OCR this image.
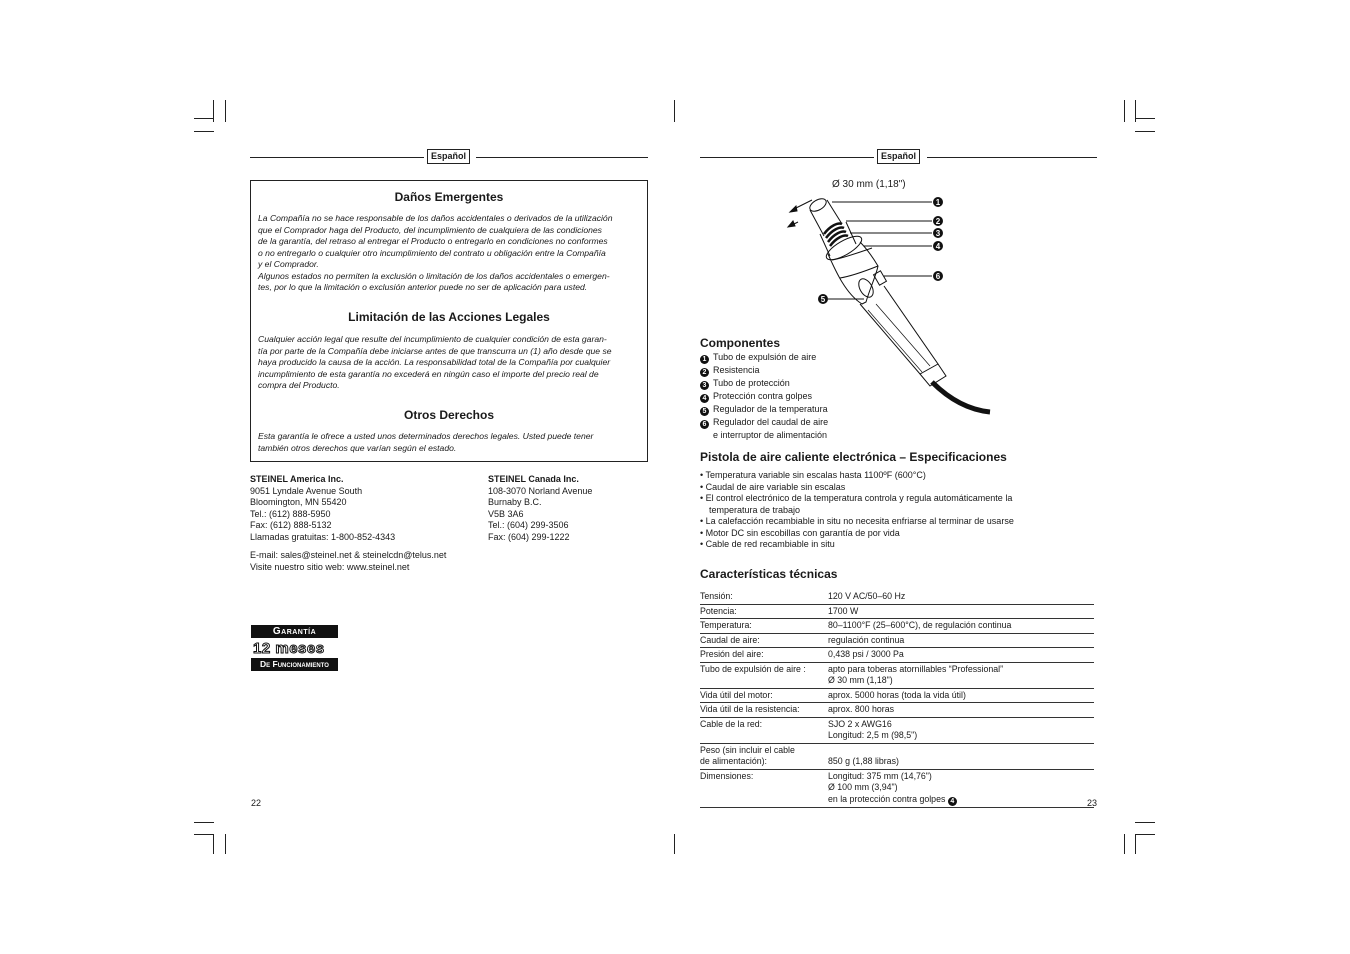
Español
Daños Emergentes

La Compañía no se hace responsable de los daños accidentales o derivados de la utilización
que el Comprador haga del Producto, del incumplimiento de cualquiera de las condiciones
de la garantía, del retraso al entregar el Producto o entregarlo en condiciones no conformes
o no entregarlo o cualquier otro incumplimiento del contrato u obligación entre la Compañía
y el Comprador.
Algunos estados no permiten la exclusión o limitación de los daños accidentales o emergen-
tes, por lo que la limitación o exclusión anterior puede no ser de aplicación para usted.

Limitación de las Acciones Legales

Cualquier acción legal que resulte del incumplimiento de cualquier condición de esta garan-
tía por parte de la Compañía debe iniciarse antes de que transcurra un (1) año desde que se
haya producido la causa de la acción. La responsabilidad total de la Compañía por cualquier
incumplimiento de esta garantía no excederá en ningún caso el importe del precio real de
compra del Producto.

Otros Derechos

Esta garantía le ofrece a usted unos determinados derechos legales. Usted puede tener
también otros derechos que varían según el estado.

STEINEL America Inc.
9051 Lyndale Avenue South
Bloomington, MN 55420
Tel.: (612) 888-5950
Fax: (612) 888-5132
Llamadas gratuitas: 1-800-852-4343
STEINEL Canada Inc.
108-3070 Norland Avenue
Burnaby B.C.
V5B 3A6
Tel.: (604) 299-3506
Fax: (604) 299-1222
E-mail: sales@steinel.net & steinelcdn@telus.net
Visite nuestro sitio web: www.steinel.net
Garantía
12 meses
De Funcionamiento
22
Español
1
2
3
4
6
5
Ø 30 mm (1,18")
Componentes
1 Tubo de expulsión de aire
2 Resistencia
3 Tubo de protección
4 Protección contra golpes
5 Regulador de la temperatura
6 Regulador del caudal de aire
e interruptor de alimentación
Pistola de aire caliente electrónica – Especificaciones
• Temperatura variable sin escalas hasta 1100ºF (600°C)
• Caudal de aire variable sin escalas
• El control electrónico de la temperatura controla y regula automáticamente la temperatura de trabajo
• La calefacción recambiable in situ no necesita enfriarse al terminar de usarse
• Motor DC sin escobillas con garantía de por vida
• Cable de red recambiable in situ
Características técnicas
Tensión:	120 V AC/50–60 Hz
Potencia:	1700 W
Temperatura:	80–1100°F (25–600°C), de regulación continua
Caudal de aire:	regulación continua
Presión del aire:	0,438 psi / 3000 Pa
Tubo de expulsión de aire :	apto para toberas atornillables “Professional”
Ø 30 mm (1,18")
Vida útil del motor:	aprox. 5000 horas (toda la vida útil)
Vida útil de la resistencia:	aprox. 800 horas
Cable de la red:	SJO 2 x AWG16
Longitud: 2,5 m (98,5")
Peso (sin incluir el cable
de alimentación):	850 g (1,88 libras)
Dimensiones:	Longitud: 375 mm (14,76")
Ø 100 mm (3,94")
en la protección contra golpes 4	23
